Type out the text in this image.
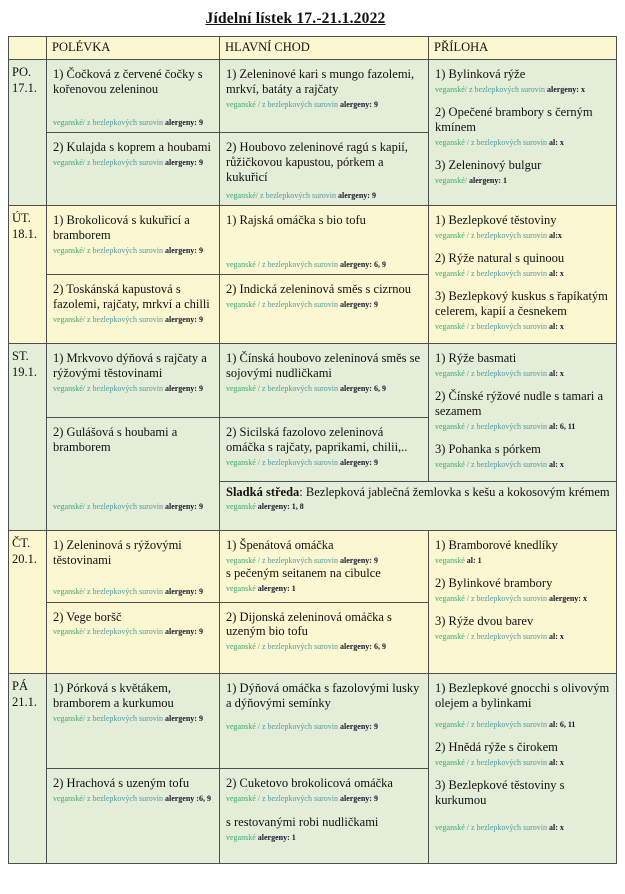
Jídelní lístek 17.-21.1.2022
POLÉVKA	HLAVNÍ CHOD	PŘÍLOHA
PO.
17.1.
1) Čočková z červené čočky s kořenovou zeleninou
veganské/ z bezlepkových surovin alergeny: 9
2) Kulajda s koprem a houbami
veganské/ z bezlepkových surovin alergeny: 9
1) Zeleninové kari s mungo fazolemi, mrkví, batáty a rajčaty
veganské / z bezlepkových surovin alergeny: 9
2) Houbovo zeleninové ragú s kapií, růžičkovou kapustou, pórkem a kukuřicí
veganské/ z bezlepkových surovin alergeny: 9
1) Bylinková rýže
veganské/ z bezlepkových surovin alergeny: x
2) Opečené brambory s černým kmínem
veganské / z bezlepkových surovin al: x
3) Zeleninový bulgur
veganské/ alergeny: 1
ÚT.
18.1.
1) Brokolicová s kukuřicí a bramborem
veganské/ z bezlepkových surovin alergeny: 9
2) Toskánská kapustová s fazolemi, rajčaty, mrkví a chilli
veganské/ z bezlepkových surovin alergeny: 9
1) Rajská omáčka s bio tofu
veganské / z bezlepkových surovin alergeny: 6, 9
2) Indická zeleninová směs s cizrnou
veganské / z bezlepkových surovin alergeny: 9
1) Bezlepkové těstoviny
veganské / z bezlepkových surovin al:x
2) Rýže natural s quinoou
veganské / z bezlepkových surovin al: x
3) Bezlepkový kuskus s řapíkatým celerem, kapií a česnekem
veganské / z bezlepkových surovin al: x
ST.
19.1.
1) Mrkvovo dýňová s rajčaty a rýžovými těstovinami
veganské/ z bezlepkových surovin alergeny: 9
2) Gulášová s houbami a bramborem
veganské/ z bezlepkových surovin alergeny: 9
1) Čínská houbovo zeleninová směs se sojovými nudličkami
veganské / z bezlepkových surovin alergeny: 6, 9
2) Sicilská fazolovo zeleninová omáčka s rajčaty, paprikami, chilii,..
veganské / z bezlepkových surovin alergeny: 9
1) Rýže basmati
veganské / z bezlepkových surovin al: x
2) Čínské rýžové nudle s tamari a sezamem
veganské / z bezlepkových surovin al: 6, 11
3) Pohanka s pórkem
veganské / z bezlepkových surovin al: x
Sladká středa: Bezlepková jablečná žemlovka s kešu a kokosovým krémem
veganské alergeny: 1, 8
ČT.
20.1.
1) Zeleninová s rýžovými těstovinami
veganské/ z bezlepkových surovin alergeny: 9
2) Vege boršč
veganské/ z bezlepkových surovin alergeny: 9
1) Špenátová omáčka
veganské / z bezlepkových surovin alergeny: 9
s pečeným seitanem na cibulce
veganské alergeny: 1
2) Dijonská zeleninová omáčka s uzeným bio tofu
veganské / z bezlepkových surovin alergeny: 6, 9
1) Bramborové knedlíky
veganské al: 1
2) Bylinkové brambory
veganské / z bezlepkových surovin alergeny: x
3) Rýže dvou barev
veganské / z bezlepkových surovin al: x
PÁ
21.1.
1) Pórková s květákem, bramborem a kurkumou
veganské/ z bezlepkových surovin alergeny: 9
2) Hrachová s uzeným tofu
veganské/ z bezlepkových surovin alergeny :6, 9
1) Dýňová omáčka s fazolovými lusky a dýňovými semínky
veganské / z bezlepkových surovin alergeny: 9
2) Cuketovo brokolicová omáčka
veganské / z bezlepkových surovin alergeny: 9
s restovanými robi nudličkami
veganské alergeny: 1
1) Bezlepkové gnocchi s olivovým olejem a bylinkami
veganské / z bezlepkových surovin al: 6, 11
2) Hnědá rýže s čirokem
veganské / z bezlepkových surovin al: x
3) Bezlepkové těstoviny s kurkumou
veganské / z bezlepkových surovin al: x
